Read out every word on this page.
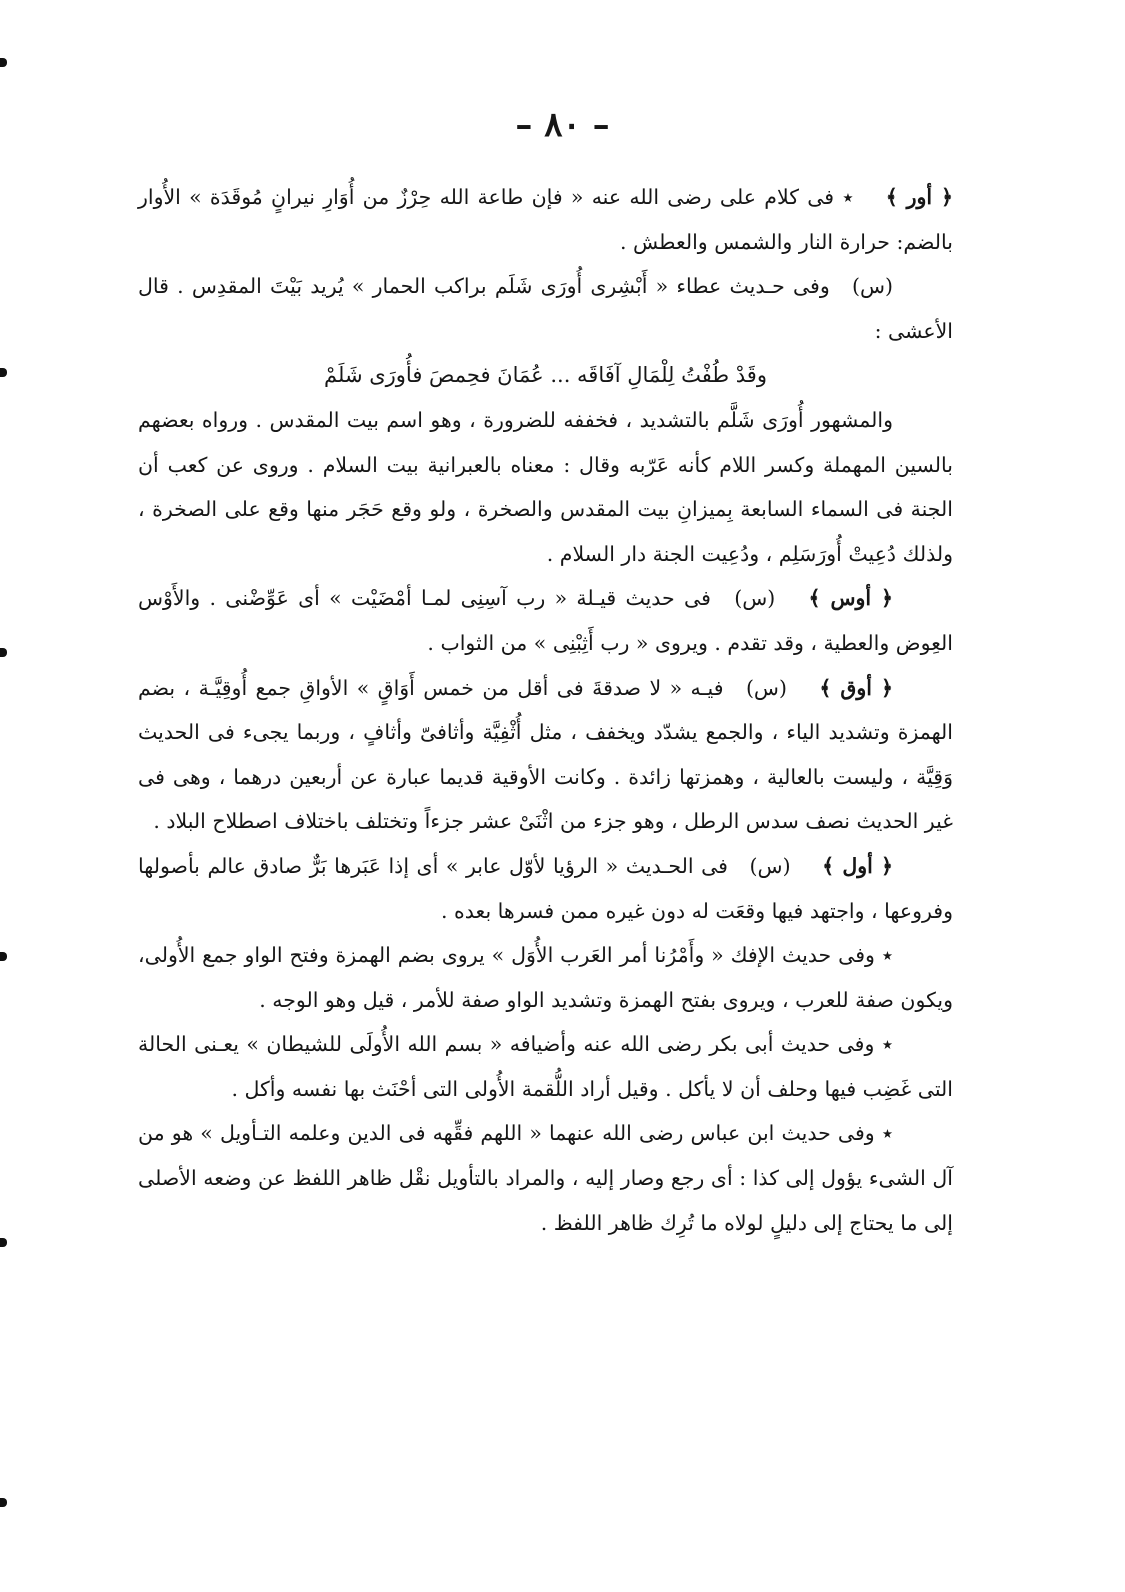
– ٨٠ –

﴿ أور ﴾ ٭ فى كلام على رضى الله عنه « فإن طاعة الله حِرْزٌ من أُوَارِ نيرانٍ مُوقَدَة » الأُوار بالضم: حرارة النار والشمس والعطش .

(س) وفى حـديث عطاء « أَبْشِرى أُورَى شَلَم براكب الحمار » يُريد بَيْتَ المقدِس . قال الأعشى :

وقَدْ طُفْتُ لِلْمَالِ آفَاقَه ... عُمَانَ فحِمصَ فأُورَى شَلَمْ

والمشهور أُورَى شَلَّم بالتشديد ، فخففه للضرورة ، وهو اسم بيت المقدس . ورواه بعضهم بالسين المهملة وكسر اللام كأنه عَرّبه وقال : معناه بالعبرانية بيت السلام . وروى عن كعب أن الجنة فى السماء السابعة بِميزانِ بيت المقدس والصخرة ، ولو وقع حَجَر منها وقع على الصخرة ، ولذلك دُعِيتْ أُورَسَلِم ، ودُعِيت الجنة دار السلام .

﴿ أوس ﴾ (س) فى حديث قيـلة « رب آسِنِى لمـا أمْضَيْت » أى عَوِّضْنى . والأَوْس العِوض والعطية ، وقد تقدم . ويروى « رب أَثِبْنِى » من الثواب .

﴿ أوق ﴾ (س) فيـه « لا صدقةَ فى أقل من خمس أَوَاقٍ » الأواقِ جمع أُوقِيَّـة ، بضم الهمزة وتشديد الياء ، والجمع يشدّد ويخفف ، مثل أُثْفِيَّة وأثافىّ وأثافٍ ، وربما يجىء فى الحديث وَقِيَّة ، وليست بالعالية ، وهمزتها زائدة . وكانت الأوقية قديما عبارة عن أربعين درهما ، وهى فى غير الحديث نصف سدس الرطل ، وهو جزء من اثْنَىْ عشر جزءاً وتختلف باختلاف اصطلاح البلاد .

﴿ أول ﴾ (س) فى الحـديث « الرؤيا لأوّل عابر » أى إذا عَبَرها بَرٌّ صادق عالم بأصولها وفروعها ، واجتهد فيها وقعَت له دون غيره ممن فسرها بعده .

٭ وفى حديث الإفك « وأَمْرُنا أمر العَرب الأُوَل » يروى بضم الهمزة وفتح الواو جمع الأُولى، ويكون صفة للعرب ، ويروى بفتح الهمزة وتشديد الواو صفة للأمر ، قيل وهو الوجه .

٭ وفى حديث أبى بكر رضى الله عنه وأضيافه « بسم الله الأُولَى للشيطان » يعـنى الحالة التى غَضِب فيها وحلف أن لا يأكل . وقيل أراد اللُّقمة الأُولى التى أحْنَث بها نفسه وأكل .

٭ وفى حديث ابن عباس رضى الله عنهما « اللهم فقِّهه فى الدين وعلمه التـأويل » هو من آل الشىء يؤول إلى كذا : أى رجع وصار إليه ، والمراد بالتأويل نقْل ظاهر اللفظ عن وضعه الأصلى إلى ما يحتاج إلى دليلٍ لولاه ما تُرِك ظاهر اللفظ .
